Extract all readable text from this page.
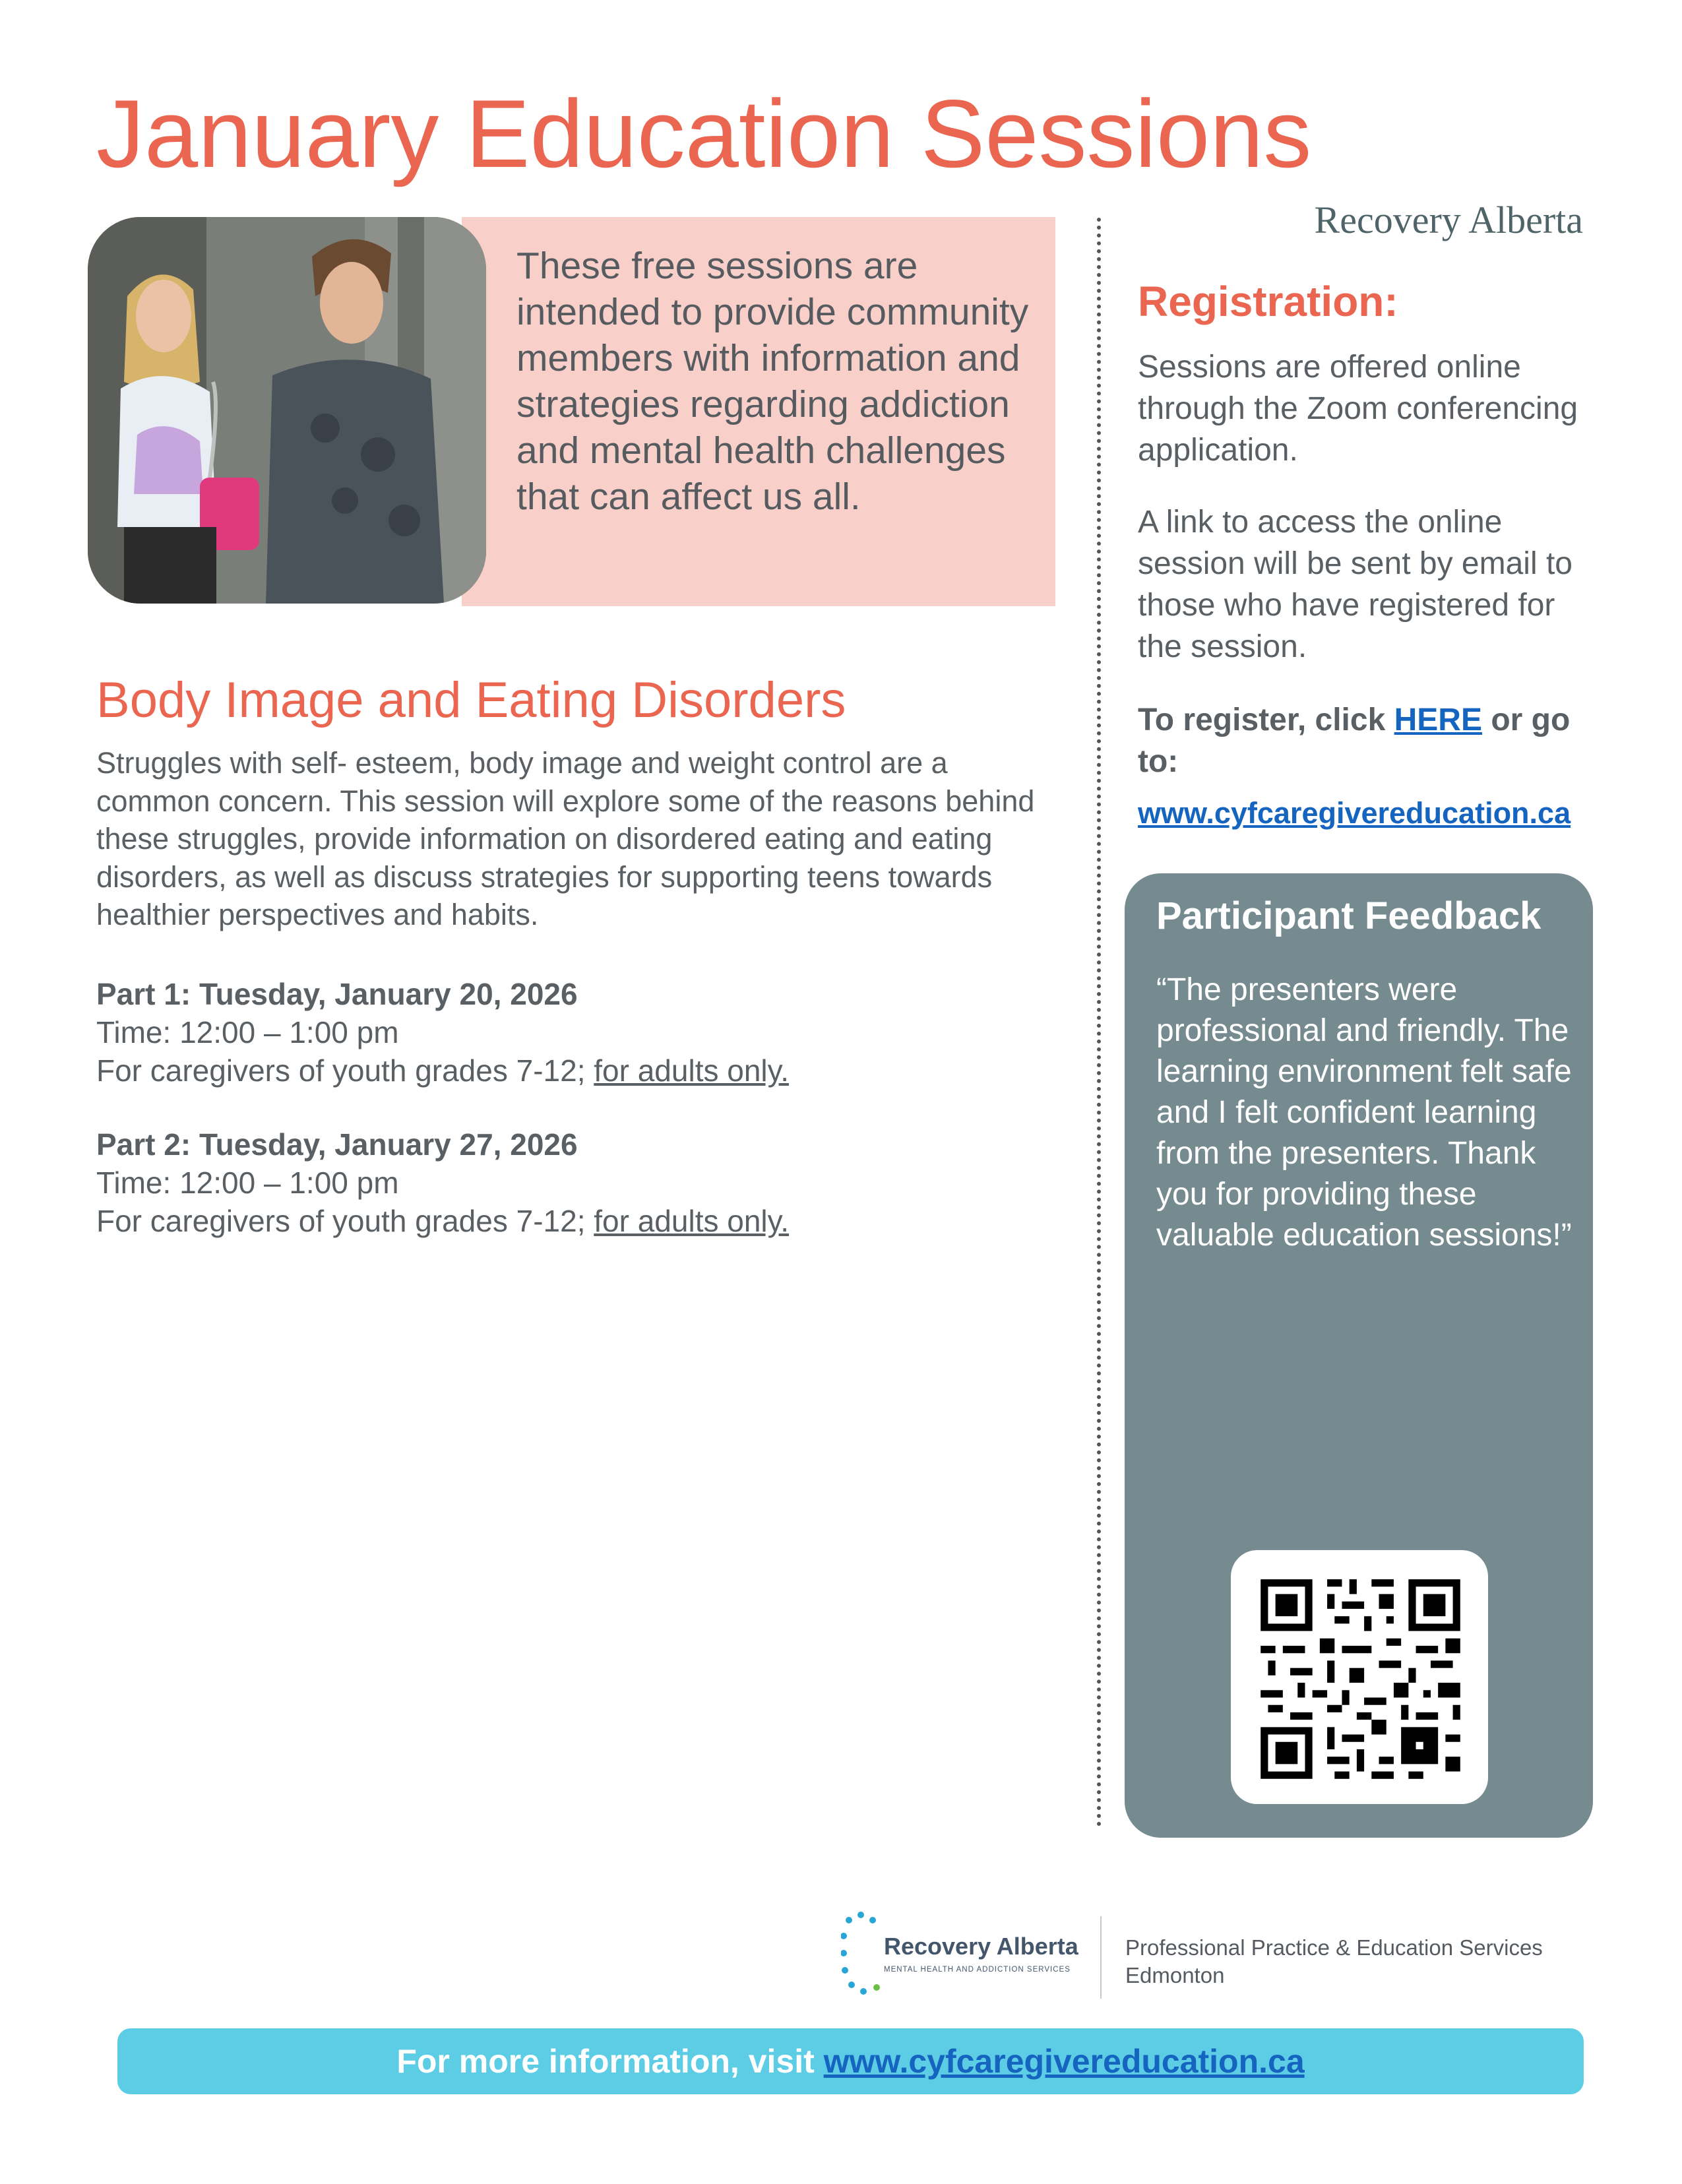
January Education Sessions
Recovery Alberta
These free sessions are intended to provide community members with information and strategies regarding addiction and mental health challenges that can affect us all.
Registration:
Sessions are offered online through the Zoom conferencing application.
A link to access the online session will be sent by email to those who have registered for the session.
To register, click HERE or go to:
www.cyfcaregivereducation.ca
Participant Feedback
“The presenters were professional and friendly. The learning environment felt safe and I felt confident learning from the presenters. Thank you for providing these valuable education sessions!”
Body Image and Eating Disorders
Struggles with self- esteem, body image and weight control are a common concern. This session will explore some of the reasons behind these struggles, provide information on disordered eating and eating disorders, as well as discuss strategies for supporting teens towards healthier perspectives and habits.
Part 1: Tuesday, January 20, 2026
Time: 12:00 – 1:00 pm
For caregivers of youth grades 7-12; for adults only.
Part 2: Tuesday, January 27, 2026
Time: 12:00 – 1:00 pm
For caregivers of youth grades 7-12; for adults only.
Recovery Alberta
MENTAL HEALTH AND ADDICTION SERVICES
Professional Practice & Education Services
Edmonton
For more information, visit www.cyfcaregivereducation.ca
